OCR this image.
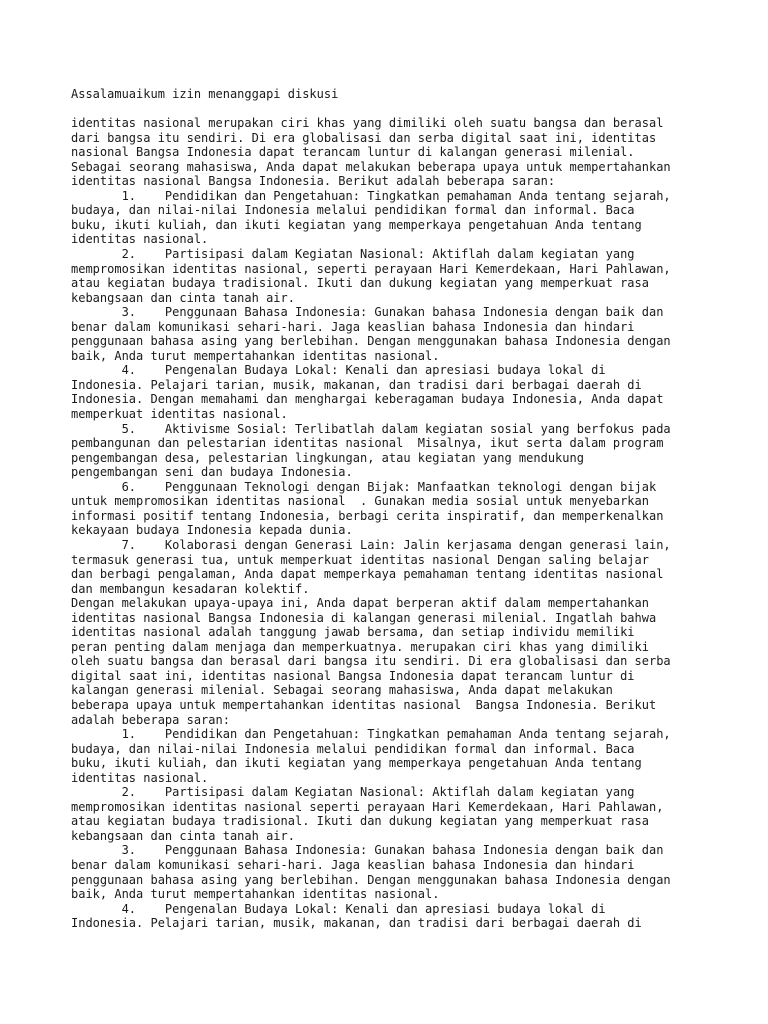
Assalamuaikum izin menanggapi diskusi
identitas nasional merupakan ciri khas yang dimiliki oleh suatu bangsa dan berasal
dari bangsa itu sendiri. Di era globalisasi dan serba digital saat ini, identitas
nasional Bangsa Indonesia dapat terancam luntur di kalangan generasi milenial.
Sebagai seorang mahasiswa, Anda dapat melakukan beberapa upaya untuk mempertahankan
identitas nasional Bangsa Indonesia. Berikut adalah beberapa saran:
1.    Pendidikan dan Pengetahuan: Tingkatkan pemahaman Anda tentang sejarah,
budaya, dan nilai-nilai Indonesia melalui pendidikan formal dan informal. Baca
buku, ikuti kuliah, dan ikuti kegiatan yang memperkaya pengetahuan Anda tentang
identitas nasional.
2.    Partisipasi dalam Kegiatan Nasional: Aktiflah dalam kegiatan yang
mempromosikan identitas nasional, seperti perayaan Hari Kemerdekaan, Hari Pahlawan,
atau kegiatan budaya tradisional. Ikuti dan dukung kegiatan yang memperkuat rasa
kebangsaan dan cinta tanah air.
3.    Penggunaan Bahasa Indonesia: Gunakan bahasa Indonesia dengan baik dan
benar dalam komunikasi sehari-hari. Jaga keaslian bahasa Indonesia dan hindari
penggunaan bahasa asing yang berlebihan. Dengan menggunakan bahasa Indonesia dengan
baik, Anda turut mempertahankan identitas nasional.
4.    Pengenalan Budaya Lokal: Kenali dan apresiasi budaya lokal di
Indonesia. Pelajari tarian, musik, makanan, dan tradisi dari berbagai daerah di
Indonesia. Dengan memahami dan menghargai keberagaman budaya Indonesia, Anda dapat
memperkuat identitas nasional.
5.    Aktivisme Sosial: Terlibatlah dalam kegiatan sosial yang berfokus pada
pembangunan dan pelestarian identitas nasional  Misalnya, ikut serta dalam program
pengembangan desa, pelestarian lingkungan, atau kegiatan yang mendukung
pengembangan seni dan budaya Indonesia.
6.    Penggunaan Teknologi dengan Bijak: Manfaatkan teknologi dengan bijak
untuk mempromosikan identitas nasional  . Gunakan media sosial untuk menyebarkan
informasi positif tentang Indonesia, berbagi cerita inspiratif, dan memperkenalkan
kekayaan budaya Indonesia kepada dunia.
7.    Kolaborasi dengan Generasi Lain: Jalin kerjasama dengan generasi lain,
termasuk generasi tua, untuk memperkuat identitas nasional Dengan saling belajar
dan berbagi pengalaman, Anda dapat memperkaya pemahaman tentang identitas nasional
dan membangun kesadaran kolektif.
Dengan melakukan upaya-upaya ini, Anda dapat berperan aktif dalam mempertahankan
identitas nasional Bangsa Indonesia di kalangan generasi milenial. Ingatlah bahwa
identitas nasional adalah tanggung jawab bersama, dan setiap individu memiliki
peran penting dalam menjaga dan memperkuatnya. merupakan ciri khas yang dimiliki
oleh suatu bangsa dan berasal dari bangsa itu sendiri. Di era globalisasi dan serba
digital saat ini, identitas nasional Bangsa Indonesia dapat terancam luntur di
kalangan generasi milenial. Sebagai seorang mahasiswa, Anda dapat melakukan
beberapa upaya untuk mempertahankan identitas nasional  Bangsa Indonesia. Berikut
adalah beberapa saran:
1.    Pendidikan dan Pengetahuan: Tingkatkan pemahaman Anda tentang sejarah,
budaya, dan nilai-nilai Indonesia melalui pendidikan formal dan informal. Baca
buku, ikuti kuliah, dan ikuti kegiatan yang memperkaya pengetahuan Anda tentang
identitas nasional.
2.    Partisipasi dalam Kegiatan Nasional: Aktiflah dalam kegiatan yang
mempromosikan identitas nasional seperti perayaan Hari Kemerdekaan, Hari Pahlawan,
atau kegiatan budaya tradisional. Ikuti dan dukung kegiatan yang memperkuat rasa
kebangsaan dan cinta tanah air.
3.    Penggunaan Bahasa Indonesia: Gunakan bahasa Indonesia dengan baik dan
benar dalam komunikasi sehari-hari. Jaga keaslian bahasa Indonesia dan hindari
penggunaan bahasa asing yang berlebihan. Dengan menggunakan bahasa Indonesia dengan
baik, Anda turut mempertahankan identitas nasional.
4.    Pengenalan Budaya Lokal: Kenali dan apresiasi budaya lokal di
Indonesia. Pelajari tarian, musik, makanan, dan tradisi dari berbagai daerah di
